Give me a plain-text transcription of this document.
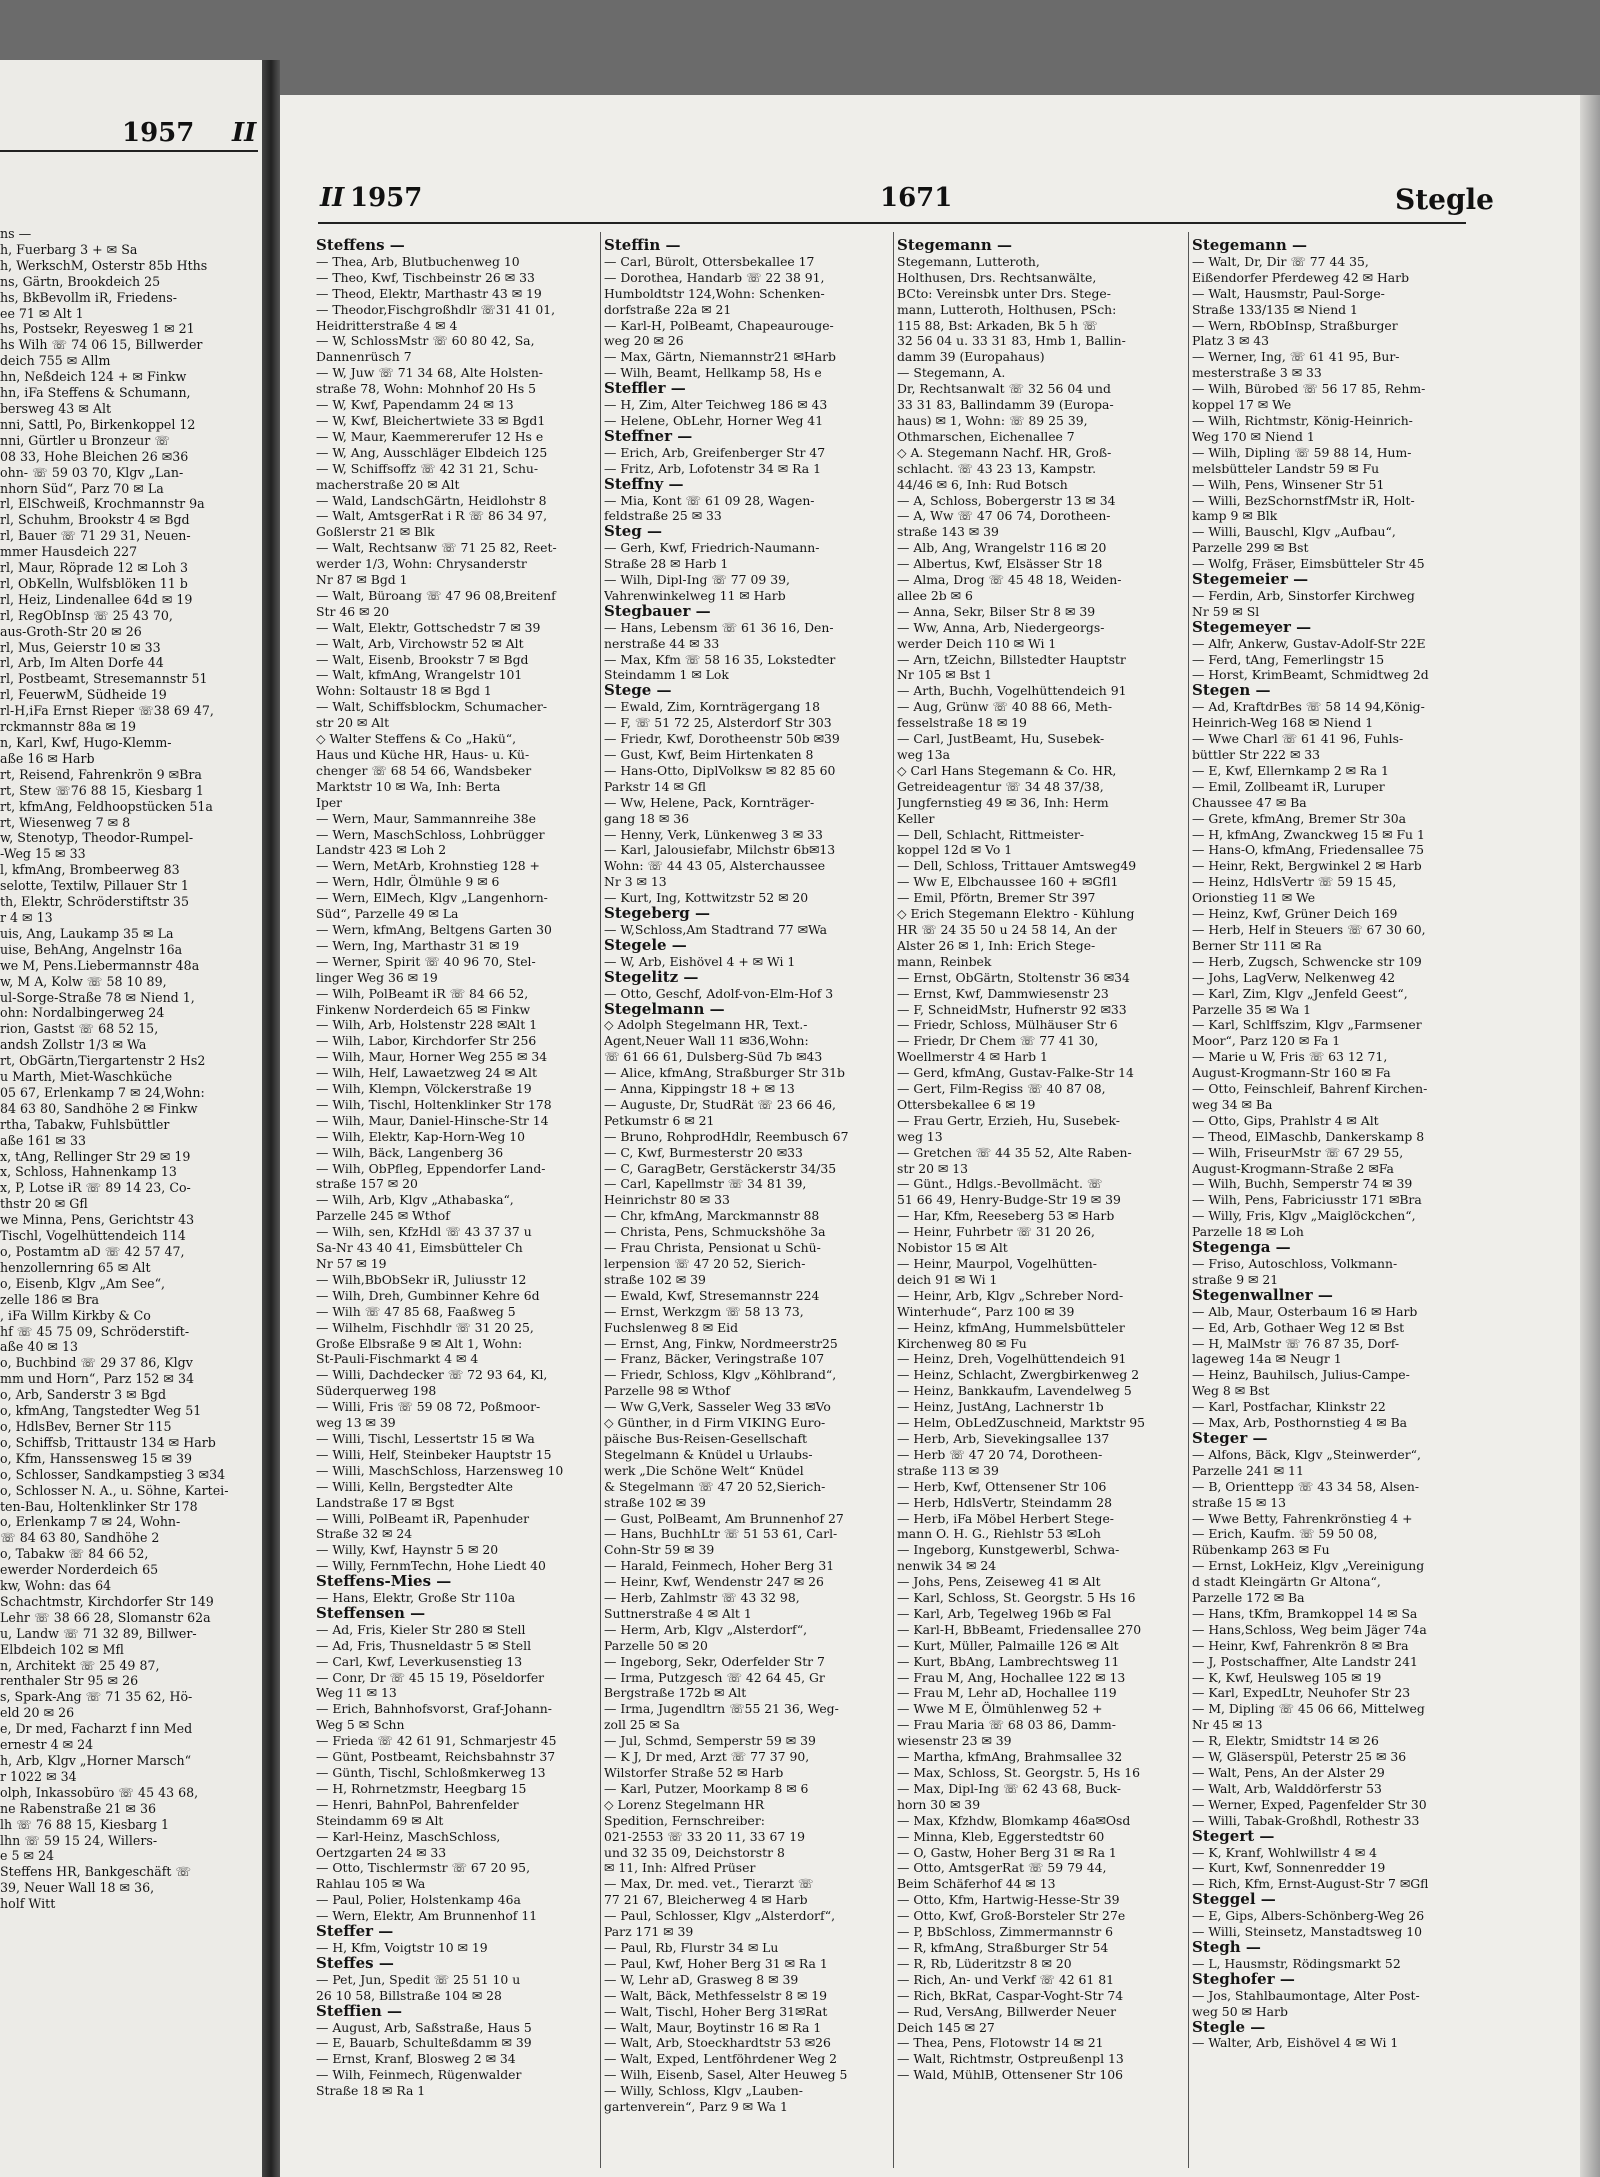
1957 II
II 1957	1671	Stegle
ns —
h, Fuerbarg 3 + ✉ Sa
h, WerkschM, Osterstr 85b Hths
ns, Gärtn, Brookdeich 25
hs, BkBevollm iR, Friedens-
ee 71 ✉ Alt 1
hs, Postsekr, Reyesweg 1 ✉ 21
hs Wilh ☏ 74 06 15, Billwerder
deich 755 ✉ Allm
hn, Neßdeich 124 + ✉ Finkw
hn, iFa Steffens & Schumann,
bersweg 43 ✉ Alt
nni, Sattl, Po, Birkenkoppel 12
nni, Gürtler u Bronzeur ☏
08 33, Hohe Bleichen 26 ✉36
ohn- ☏ 59 03 70, Klgv „Lan-
nhorn Süd“, Parz 70 ✉ La
rl, ElSchweiß, Krochmannstr 9a
rl, Schuhm, Brookstr 4 ✉ Bgd
rl, Bauer ☏ 71 29 31, Neuen-
mmer Hausdeich 227
rl, Maur, Röprade 12 ✉ Loh 3
rl, ObKelln, Wulfsblöken 11 b
rl, Heiz, Lindenallee 64d ✉ 19
rl, RegObInsp ☏ 25 43 70,
aus-Groth-Str 20 ✉ 26
rl, Mus, Geierstr 10 ✉ 33
rl, Arb, Im Alten Dorfe 44
rl, Postbeamt, Stresemannstr 51
rl, FeuerwM, Südheide 19
rl-H,iFa Ernst Rieper ☏38 69 47,
rckmannstr 88a ✉ 19
n, Karl, Kwf, Hugo-Klemm-
aße 16 ✉ Harb
rt, Reisend, Fahrenkrön 9 ✉Bra
rt, Stew ☏76 88 15, Kiesbarg 1
rt, kfmAng, Feldhoopstücken 51a
rt, Wiesenweg 7 ✉ 8
w, Stenotyp, Theodor-Rumpel-
-Weg 15 ✉ 33
l, kfmAng, Brombeerweg 83
selotte, Textilw, Pillauer Str 1
th, Elektr, Schröderstiftstr 35
r 4 ✉ 13
uis, Ang, Laukamp 35 ✉ La
uise, BehAng, Angelnstr 16a
we M, Pens.Liebermannstr 48a
w, M A, Kolw ☏ 58 10 89,
ul-Sorge-Straße 78 ✉ Niend 1,
ohn: Nordalbingerweg 24
rion, Gastst ☏ 68 52 15,
andsh Zollstr 1/3 ✉ Wa
rt, ObGärtn,Tiergartenstr 2 Hs2
u Marth, Miet-Waschküche
05 67, Erlenkamp 7 ✉ 24,Wohn:
84 63 80, Sandhöhe 2 ✉ Finkw
rtha, Tabakw, Fuhlsbüttler
aße 161 ✉ 33
x, tAng, Rellinger Str 29 ✉ 19
x, Schloss, Hahnenkamp 13
x, P, Lotse iR ☏ 89 14 23, Co-
thstr 20 ✉ Gfl
we Minna, Pens, Gerichtstr 43
Tischl, Vogelhüttendeich 114
o, Postamtm aD ☏ 42 57 47,
henzollernring 65 ✉ Alt
o, Eisenb, Klgv „Am See“,
zelle 186 ✉ Bra
, iFa Willm Kirkby & Co
hf ☏ 45 75 09, Schröderstift-
aße 40 ✉ 13
o, Buchbind ☏ 29 37 86, Klgv
mm und Horn“, Parz 152 ✉ 34
o, Arb, Sanderstr 3 ✉ Bgd
o, kfmAng, Tangstedter Weg 51
o, HdlsBev, Berner Str 115
o, Schiffsb, Trittaustr 134 ✉ Harb
o, Kfm, Hanssensweg 15 ✉ 39
o, Schlosser, Sandkampstieg 3 ✉34
o, Schlosser N. A., u. Söhne, Kartei-
ten-Bau, Holtenklinker Str 178
o, Erlenkamp 7 ✉ 24, Wohn-
☏ 84 63 80, Sandhöhe 2
o, Tabakw ☏ 84 66 52,
ewerder Norderdeich 65
kw, Wohn: das 64
Schachtmstr, Kirchdorfer Str 149
Lehr ☏ 38 66 28, Slomanstr 62a
u, Landw ☏ 71 32 89, Billwer-
Elbdeich 102 ✉ Mfl
n, Architekt ☏ 25 49 87,
renthaler Str 95 ✉ 26
s, Spark-Ang ☏ 71 35 62, Hö-
eld 20 ✉ 26
e, Dr med, Facharzt f inn Med
ernestr 4 ✉ 24
h, Arb, Klgv „Horner Marsch“
r 1022 ✉ 34
olph, Inkassobüro ☏ 45 43 68,
ne Rabenstraße 21 ✉ 36
lh ☏ 76 88 15, Kiesbarg 1
lhn ☏ 59 15 24, Willers-
e 5 ✉ 24
Steffens HR, Bankgeschäft ☏
39, Neuer Wall 18 ✉ 36,
holf Witt
Steffens —
— Thea, Arb, Blutbuchenweg 10
— Theo, Kwf, Tischbeinstr 26 ✉ 33
— Theod, Elektr, Marthastr 43 ✉ 19
— Theodor,Fischgroßhdlr ☏31 41 01,
Heidritterstraße 4 ✉ 4
— W, SchlossMstr ☏ 60 80 42, Sa,
Dannenrüsch 7
— W, Juw ☏ 71 34 68, Alte Holsten-
straße 78, Wohn: Mohnhof 20 Hs 5
— W, Kwf, Papendamm 24 ✉ 13
— W, Kwf, Bleichertwiete 33 ✉ Bgd1
— W, Maur, Kaemmererufer 12 Hs e
— W, Ang, Ausschläger Elbdeich 125
— W, Schiffsoffz ☏ 42 31 21, Schu-
macherstraße 20 ✉ Alt
— Wald, LandschGärtn, Heidlohstr 8
— Walt, AmtsgerRat i R ☏ 86 34 97,
Goßlerstr 21 ✉ Blk
— Walt, Rechtsanw ☏ 71 25 82, Reet-
werder 1/3, Wohn: Chrysanderstr
Nr 87 ✉ Bgd 1
— Walt, Büroang ☏ 47 96 08,Breitenf
Str 46 ✉ 20
— Walt, Elektr, Gottschedstr 7 ✉ 39
— Walt, Arb, Virchowstr 52 ✉ Alt
— Walt, Eisenb, Brookstr 7 ✉ Bgd
— Walt, kfmAng, Wrangelstr 101
Wohn: Soltaustr 18 ✉ Bgd 1
— Walt, Schiffsblockm, Schumacher-
str 20 ✉ Alt
◇ Walter Steffens & Co „Hakü“,
Haus und Küche HR, Haus- u. Kü-
chenger ☏ 68 54 66, Wandsbeker
Marktstr 10 ✉ Wa, Inh: Berta
Iper
— Wern, Maur, Sammannreihe 38e
— Wern, MaschSchloss, Lohbrügger
Landstr 423 ✉ Loh 2
— Wern, MetArb, Krohnstieg 128 +
— Wern, Hdlr, Ölmühle 9 ✉ 6
— Wern, ElMech, Klgv „Langenhorn-
Süd“, Parzelle 49 ✉ La
— Wern, kfmAng, Beltgens Garten 30
— Wern, Ing, Marthastr 31 ✉ 19
— Werner, Spirit ☏ 40 96 70, Stel-
linger Weg 36 ✉ 19
— Wilh, PolBeamt iR ☏ 84 66 52,
Finkenw Norderdeich 65 ✉ Finkw
— Wilh, Arb, Holstenstr 228 ✉Alt 1
— Wilh, Labor, Kirchdorfer Str 256
— Wilh, Maur, Horner Weg 255 ✉ 34
— Wilh, Helf, Lawaetzweg 24 ✉ Alt
— Wilh, Klempn, Völckerstraße 19
— Wilh, Tischl, Holtenklinker Str 178
— Wilh, Maur, Daniel-Hinsche-Str 14
— Wilh, Elektr, Kap-Horn-Weg 10
— Wilh, Bäck, Langenberg 36
— Wilh, ObPfleg, Eppendorfer Land-
straße 157 ✉ 20
— Wilh, Arb, Klgv „Athabaska“,
Parzelle 245 ✉ Wthof
— Wilh, sen, KfzHdl ☏ 43 37 37 u
Sa-Nr 43 40 41, Eimsbütteler Ch
Nr 57 ✉ 19
— Wilh,BbObSekr iR, Juliusstr 12
— Wilh, Dreh, Gumbinner Kehre 6d
— Wilh ☏ 47 85 68, Faaßweg 5
— Wilhelm, Fischhdlr ☏ 31 20 25,
Große Elbsraße 9 ✉ Alt 1, Wohn:
St-Pauli-Fischmarkt 4 ✉ 4
— Willi, Dachdecker ☏ 72 93 64, Kl,
Süderquerweg 198
— Willi, Fris ☏ 59 08 72, Poßmoor-
weg 13 ✉ 39
— Willi, Tischl, Lessertstr 15 ✉ Wa
— Willi, Helf, Steinbeker Hauptstr 15
— Willi, MaschSchloss, Harzensweg 10
— Willi, Kelln, Bergstedter Alte
Landstraße 17 ✉ Bgst
— Willi, PolBeamt iR, Papenhuder
Straße 32 ✉ 24
— Willy, Kwf, Haynstr 5 ✉ 20
— Willy, FernmTechn, Hohe Liedt 40
Steffens-Mies —
— Hans, Elektr, Große Str 110a
Steffensen —
— Ad, Fris, Kieler Str 280 ✉ Stell
— Ad, Fris, Thusneldastr 5 ✉ Stell
— Carl, Kwf, Leverkusenstieg 13
— Conr, Dr ☏ 45 15 19, Pöseldorfer
Weg 11 ✉ 13
— Erich, Bahnhofsvorst, Graf-Johann-
Weg 5 ✉ Schn
— Frieda ☏ 42 61 91, Schmarjestr 45
— Günt, Postbeamt, Reichsbahnstr 37
— Günth, Tischl, Schloßmkerweg 13
— H, Rohrnetzmstr, Heegbarg 15
— Henri, BahnPol, Bahrenfelder
Steindamm 69 ✉ Alt
— Karl-Heinz, MaschSchloss,
Oertzgarten 24 ✉ 33
— Otto, Tischlermstr ☏ 67 20 95,
Rahlau 105 ✉ Wa
— Paul, Polier, Holstenkamp 46a
— Wern, Elektr, Am Brunnenhof 11
Steffer —
— H, Kfm, Voigtstr 10 ✉ 19
Steffes —
— Pet, Jun, Spedit ☏ 25 51 10 u
26 10 58, Billstraße 104 ✉ 28
Steffien —
— August, Arb, Saßstraße, Haus 5
— E, Bauarb, Schulteßdamm ✉ 39
— Ernst, Kranf, Blosweg 2 ✉ 34
— Wilh, Feinmech, Rügenwalder
Straße 18 ✉ Ra 1
Steffin —
— Carl, Bürolt, Ottersbekallee 17
— Dorothea, Handarb ☏ 22 38 91,
Humboldtstr 124,Wohn: Schenken-
dorfstraße 22a ✉ 21
— Karl-H, PolBeamt, Chapeaurouge-
weg 20 ✉ 26
— Max, Gärtn, Niemannstr21 ✉Harb
— Wilh, Beamt, Hellkamp 58, Hs e
Steffler —
— H, Zim, Alter Teichweg 186 ✉ 43
— Helene, ObLehr, Horner Weg 41
Steffner —
— Erich, Arb, Greifenberger Str 47
— Fritz, Arb, Lofotenstr 34 ✉ Ra 1
Steffny —
— Mia, Kont ☏ 61 09 28, Wagen-
feldstraße 25 ✉ 33
Steg —
— Gerh, Kwf, Friedrich-Naumann-
Straße 28 ✉ Harb 1
— Wilh, Dipl-Ing ☏ 77 09 39,
Vahrenwinkelweg 11 ✉ Harb
Stegbauer —
— Hans, Lebensm ☏ 61 36 16, Den-
nerstraße 44 ✉ 33
— Max, Kfm ☏ 58 16 35, Lokstedter
Steindamm 1 ✉ Lok
Stege —
— Ewald, Zim, Kornträgergang 18
— F, ☏ 51 72 25, Alsterdorf Str 303
— Friedr, Kwf, Dorotheenstr 50b ✉39
— Gust, Kwf, Beim Hirtenkaten 8
— Hans-Otto, DiplVolksw ✉ 82 85 60
Parkstr 14 ✉ Gfl
— Ww, Helene, Pack, Kornträger-
gang 18 ✉ 36
— Henny, Verk, Lünkenweg 3 ✉ 33
— Karl, Jalousiefabr, Milchstr 6b✉13
Wohn: ☏ 44 43 05, Alsterchaussee
Nr 3 ✉ 13
— Kurt, Ing, Kottwitzstr 52 ✉ 20
Stegeberg —
— W,Schloss,Am Stadtrand 77 ✉Wa
Stegele —
— W, Arb, Eishövel 4 + ✉ Wi 1
Stegelitz —
— Otto, Geschf, Adolf-von-Elm-Hof 3
Stegelmann —
◇ Adolph Stegelmann HR, Text.-
Agent,Neuer Wall 11 ✉36,Wohn:
☏ 61 66 61, Dulsberg-Süd 7b ✉43
— Alice, kfmAng, Straßburger Str 31b
— Anna, Kippingstr 18 + ✉ 13
— Auguste, Dr, StudRät ☏ 23 66 46,
Petkumstr 6 ✉ 21
— Bruno, RohprodHdlr, Reembusch 67
— C, Kwf, Burmesterstr 20 ✉33
— C, GaragBetr, Gerstäckerstr 34/35
— Carl, Kapellmstr ☏ 34 81 39,
Heinrichstr 80 ✉ 33
— Chr, kfmAng, Marckmannstr 88
— Christa, Pens, Schmuckshöhe 3a
— Frau Christa, Pensionat u Schü-
lerpension ☏ 47 20 52, Sierich-
straße 102 ✉ 39
— Ewald, Kwf, Stresemannstr 224
— Ernst, Werkzgm ☏ 58 13 73,
Fuchslenweg 8 ✉ Eid
— Ernst, Ang, Finkw, Nordmeerstr25
— Franz, Bäcker, Veringstraße 107
— Friedr, Schloss, Klgv „Köhlbrand“,
Parzelle 98 ✉ Wthof
— Ww G,Verk, Sasseler Weg 33 ✉Vo
◇ Günther, in d Firm VIKING Euro-
päische Bus-Reisen-Gesellschaft
Stegelmann & Knüdel u Urlaubs-
werk „Die Schöne Welt“ Knüdel
& Stegelmann ☏ 47 20 52,Sierich-
straße 102 ✉ 39
— Gust, PolBeamt, Am Brunnenhof 27
— Hans, BuchhLtr ☏ 51 53 61, Carl-
Cohn-Str 59 ✉ 39
— Harald, Feinmech, Hoher Berg 31
— Heinr, Kwf, Wendenstr 247 ✉ 26
— Herb, Zahlmstr ☏ 43 32 98,
Suttnerstraße 4 ✉ Alt 1
— Herm, Arb, Klgv „Alsterdorf“,
Parzelle 50 ✉ 20
— Ingeborg, Sekr, Oderfelder Str 7
— Irma, Putzgesch ☏ 42 64 45, Gr
Bergstraße 172b ✉ Alt
— Irma, Jugendltrn ☏55 21 36, Weg-
zoll 25 ✉ Sa
— Jul, Schmd, Semperstr 59 ✉ 39
— K J, Dr med, Arzt ☏ 77 37 90,
Wilstorfer Straße 52 ✉ Harb
— Karl, Putzer, Moorkamp 8 ✉ 6
◇ Lorenz Stegelmann HR
Spedition, Fernschreiber:
021-2553 ☏ 33 20 11, 33 67 19
und 32 35 09, Deichstorstr 8
✉ 11, Inh: Alfred Prüser
— Max, Dr. med. vet., Tierarzt ☏
77 21 67, Bleicherweg 4 ✉ Harb
— Paul, Schlosser, Klgv „Alsterdorf“,
Parz 171 ✉ 39
— Paul, Rb, Flurstr 34 ✉ Lu
— Paul, Kwf, Hoher Berg 31 ✉ Ra 1
— W, Lehr aD, Grasweg 8 ✉ 39
— Walt, Bäck, Methfesselstr 8 ✉ 19
— Walt, Tischl, Hoher Berg 31✉Rat
— Walt, Maur, Boytinstr 16 ✉ Ra 1
— Walt, Arb, Stoeckhardtstr 53 ✉26
— Walt, Exped, Lentföhrdener Weg 2
— Wilh, Eisenb, Sasel, Alter Heuweg 5
— Willy, Schloss, Klgv „Lauben-
gartenverein“, Parz 9 ✉ Wa 1
Stegemann —
Stegemann, Lutteroth,
Holthusen, Drs. Rechtsanwälte,
BCto: Vereinsbk unter Drs. Stege-
mann, Lutteroth, Holthusen, PSch:
115 88, Bst: Arkaden, Bk 5 h ☏
32 56 04 u. 33 31 83, Hmb 1, Ballin-
damm 39 (Europahaus)
— Stegemann, A.
Dr, Rechtsanwalt ☏ 32 56 04 und
33 31 83, Ballindamm 39 (Europa-
haus) ✉ 1, Wohn: ☏ 89 25 39,
Othmarschen, Eichenallee 7
◇ A. Stegemann Nachf. HR, Groß-
schlacht. ☏ 43 23 13, Kampstr.
44/46 ✉ 6, Inh: Rud Botsch
— A, Schloss, Bobergerstr 13 ✉ 34
— A, Ww ☏ 47 06 74, Dorotheen-
straße 143 ✉ 39
— Alb, Ang, Wrangelstr 116 ✉ 20
— Albertus, Kwf, Elsässer Str 18
— Alma, Drog ☏ 45 48 18, Weiden-
allee 2b ✉ 6
— Anna, Sekr, Bilser Str 8 ✉ 39
— Ww, Anna, Arb, Niedergeorgs-
werder Deich 110 ✉ Wi 1
— Arn, tZeichn, Billstedter Hauptstr
Nr 105 ✉ Bst 1
— Arth, Buchh, Vogelhüttendeich 91
— Aug, Grünw ☏ 40 88 66, Meth-
fesselstraße 18 ✉ 19
— Carl, JustBeamt, Hu, Susebek-
weg 13a
◇ Carl Hans Stegemann & Co. HR,
Getreideagentur ☏ 34 48 37/38,
Jungfernstieg 49 ✉ 36, Inh: Herm
Keller
— Dell, Schlacht, Rittmeister-
koppel 12d ✉ Vo 1
— Dell, Schloss, Trittauer Amtsweg49
— Ww E, Elbchaussee 160 + ✉Gfl1
— Emil, Pförtn, Bremer Str 397
◇ Erich Stegemann Elektro - Kühlung
HR ☏ 24 35 50 u 24 58 14, An der
Alster 26 ✉ 1, Inh: Erich Stege-
mann, Reinbek
— Ernst, ObGärtn, Stoltenstr 36 ✉34
— Ernst, Kwf, Dammwiesenstr 23
— F, SchneidMstr, Hufnerstr 92 ✉33
— Friedr, Schloss, Mülhäuser Str 6
— Friedr, Dr Chem ☏ 77 41 30,
Woellmerstr 4 ✉ Harb 1
— Gerd, kfmAng, Gustav-Falke-Str 14
— Gert, Film-Regiss ☏ 40 87 08,
Ottersbekallee 6 ✉ 19
— Frau Gertr, Erzieh, Hu, Susebek-
weg 13
— Gretchen ☏ 44 35 52, Alte Raben-
str 20 ✉ 13
— Günt., Hdlgs.-Bevollmächt. ☏
51 66 49, Henry-Budge-Str 19 ✉ 39
— Har, Kfm, Reeseberg 53 ✉ Harb
— Heinr, Fuhrbetr ☏ 31 20 26,
Nobistor 15 ✉ Alt
— Heinr, Maurpol, Vogelhütten-
deich 91 ✉ Wi 1
— Heinr, Arb, Klgv „Schreber Nord-
Winterhude“, Parz 100 ✉ 39
— Heinz, kfmAng, Hummelsbütteler
Kirchenweg 80 ✉ Fu
— Heinz, Dreh, Vogelhüttendeich 91
— Heinz, Schlacht, Zwergbirkenweg 2
— Heinz, Bankkaufm, Lavendelweg 5
— Heinz, JustAng, Lachnerstr 1b
— Helm, ObLedZuschneid, Marktstr 95
— Herb, Arb, Sievekingsallee 137
— Herb ☏ 47 20 74, Dorotheen-
straße 113 ✉ 39
— Herb, Kwf, Ottensener Str 106
— Herb, HdlsVertr, Steindamm 28
— Herb, iFa Möbel Herbert Stege-
mann O. H. G., Riehlstr 53 ✉Loh
— Ingeborg, Kunstgewerbl, Schwa-
nenwik 34 ✉ 24
— Johs, Pens, Zeiseweg 41 ✉ Alt
— Karl, Schloss, St. Georgstr. 5 Hs 16
— Karl, Arb, Tegelweg 196b ✉ Fal
— Karl-H, BbBeamt, Friedensallee 270
— Kurt, Müller, Palmaille 126 ✉ Alt
— Kurt, BbAng, Lambrechtsweg 11
— Frau M, Ang, Hochallee 122 ✉ 13
— Frau M, Lehr aD, Hochallee 119
— Wwe M E, Ölmühlenweg 52 +
— Frau Maria ☏ 68 03 86, Damm-
wiesenstr 23 ✉ 39
— Martha, kfmAng, Brahmsallee 32
— Max, Schloss, St. Georgstr. 5, Hs 16
— Max, Dipl-Ing ☏ 62 43 68, Buck-
horn 30 ✉ 39
— Max, Kfzhdw, Blomkamp 46a✉Osd
— Minna, Kleb, Eggerstedtstr 60
— O, Gastw, Hoher Berg 31 ✉ Ra 1
— Otto, AmtsgerRat ☏ 59 79 44,
Beim Schäferhof 44 ✉ 13
— Otto, Kfm, Hartwig-Hesse-Str 39
— Otto, Kwf, Groß-Borsteler Str 27e
— P, BbSchloss, Zimmermannstr 6
— R, kfmAng, Straßburger Str 54
— R, Rb, Lüderitzstr 8 ✉ 20
— Rich, An- und Verkf ☏ 42 61 81
— Rich, BkRat, Caspar-Voght-Str 74
— Rud, VersAng, Billwerder Neuer
Deich 145 ✉ 27
— Thea, Pens, Flotowstr 14 ✉ 21
— Walt, Richtmstr, Ostpreußenpl 13
— Wald, MühlB, Ottensener Str 106
Stegemann —
— Walt, Dr, Dir ☏ 77 44 35,
Eißendorfer Pferdeweg 42 ✉ Harb
— Walt, Hausmstr, Paul-Sorge-
Straße 133/135 ✉ Niend 1
— Wern, RbObInsp, Straßburger
Platz 3 ✉ 43
— Werner, Ing, ☏ 61 41 95, Bur-
mesterstraße 3 ✉ 33
— Wilh, Bürobed ☏ 56 17 85, Rehm-
koppel 17 ✉ We
— Wilh, Richtmstr, König-Heinrich-
Weg 170 ✉ Niend 1
— Wilh, Dipling ☏ 59 88 14, Hum-
melsbütteler Landstr 59 ✉ Fu
— Wilh, Pens, Winsener Str 51
— Willi, BezSchornstfMstr iR, Holt-
kamp 9 ✉ Blk
— Willi, Bauschl, Klgv „Aufbau“,
Parzelle 299 ✉ Bst
— Wolfg, Fräser, Eimsbütteler Str 45
Stegemeier —
— Ferdin, Arb, Sinstorfer Kirchweg
Nr 59 ✉ Sl
Stegemeyer —
— Alfr, Ankerw, Gustav-Adolf-Str 22E
— Ferd, tAng, Femerlingstr 15
— Horst, KrimBeamt, Schmidtweg 2d
Stegen —
— Ad, KraftdrBes ☏ 58 14 94,König-
Heinrich-Weg 168 ✉ Niend 1
— Wwe Charl ☏ 61 41 96, Fuhls-
büttler Str 222 ✉ 33
— E, Kwf, Ellernkamp 2 ✉ Ra 1
— Emil, Zollbeamt iR, Luruper
Chaussee 47 ✉ Ba
— Grete, kfmAng, Bremer Str 30a
— H, kfmAng, Zwanckweg 15 ✉ Fu 1
— Hans-O, kfmAng, Friedensallee 75
— Heinr, Rekt, Bergwinkel 2 ✉ Harb
— Heinz, HdlsVertr ☏ 59 15 45,
Orionstieg 11 ✉ We
— Heinz, Kwf, Grüner Deich 169
— Herb, Helf in Steuers ☏ 67 30 60,
Berner Str 111 ✉ Ra
— Herb, Zugsch, Schwencke str 109
— Johs, LagVerw, Nelkenweg 42
— Karl, Zim, Klgv „Jenfeld Geest“,
Parzelle 35 ✉ Wa 1
— Karl, Schlffszim, Klgv „Farmsener
Moor“, Parz 120 ✉ Fa 1
— Marie u W, Fris ☏ 63 12 71,
August-Krogmann-Str 160 ✉ Fa
— Otto, Feinschleif, Bahrenf Kirchen-
weg 34 ✉ Ba
— Otto, Gips, Prahlstr 4 ✉ Alt
— Theod, ElMaschb, Dankerskamp 8
— Wilh, FriseurMstr ☏ 67 29 55,
August-Krogmann-Straße 2 ✉Fa
— Wilh, Buchh, Semperstr 74 ✉ 39
— Wilh, Pens, Fabriciusstr 171 ✉Bra
— Willy, Fris, Klgv „Maiglöckchen“,
Parzelle 18 ✉ Loh
Stegenga —
— Friso, Autoschloss, Volkmann-
straße 9 ✉ 21
Stegenwallner —
— Alb, Maur, Osterbaum 16 ✉ Harb
— Ed, Arb, Gothaer Weg 12 ✉ Bst
— H, MalMstr ☏ 76 87 35, Dorf-
lageweg 14a ✉ Neugr 1
— Heinz, Bauhilsch, Julius-Campe-
Weg 8 ✉ Bst
— Karl, Postfachar, Klinkstr 22
— Max, Arb, Posthornstieg 4 ✉ Ba
Steger —
— Alfons, Bäck, Klgv „Steinwerder“,
Parzelle 241 ✉ 11
— B, Orienttepp ☏ 43 34 58, Alsen-
straße 15 ✉ 13
— Wwe Betty, Fahrenkrönstieg 4 +
— Erich, Kaufm. ☏ 59 50 08,
Rübenkamp 263 ✉ Fu
— Ernst, LokHeiz, Klgv „Vereinigung
d stadt Kleingärtn Gr Altona“,
Parzelle 172 ✉ Ba
— Hans, tKfm, Bramkoppel 14 ✉ Sa
— Hans,Schloss, Weg beim Jäger 74a
— Heinr, Kwf, Fahrenkrön 8 ✉ Bra
— J, Postschaffner, Alte Landstr 241
— K, Kwf, Heulsweg 105 ✉ 19
— Karl, ExpedLtr, Neuhofer Str 23
— M, Dipling ☏ 45 06 66, Mittelweg
Nr 45 ✉ 13
— R, Elektr, Smidtstr 14 ✉ 26
— W, Gläserspül, Peterstr 25 ✉ 36
— Walt, Pens, An der Alster 29
— Walt, Arb, Walddörferstr 53
— Werner, Exped, Pagenfelder Str 30
— Willi, Tabak-Großhdl, Rothestr 33
Stegert —
— K, Kranf, Wohlwillstr 4 ✉ 4
— Kurt, Kwf, Sonnenredder 19
— Rich, Kfm, Ernst-August-Str 7 ✉Gfl
Steggel —
— E, Gips, Albers-Schönberg-Weg 26
— Willi, Steinsetz, Manstadtsweg 10
Stegh —
— L, Hausmstr, Rödingsmarkt 52
Steghofer —
— Jos, Stahlbaumontage, Alter Post-
weg 50 ✉ Harb
Stegle —
— Walter, Arb, Eishövel 4 ✉ Wi 1
